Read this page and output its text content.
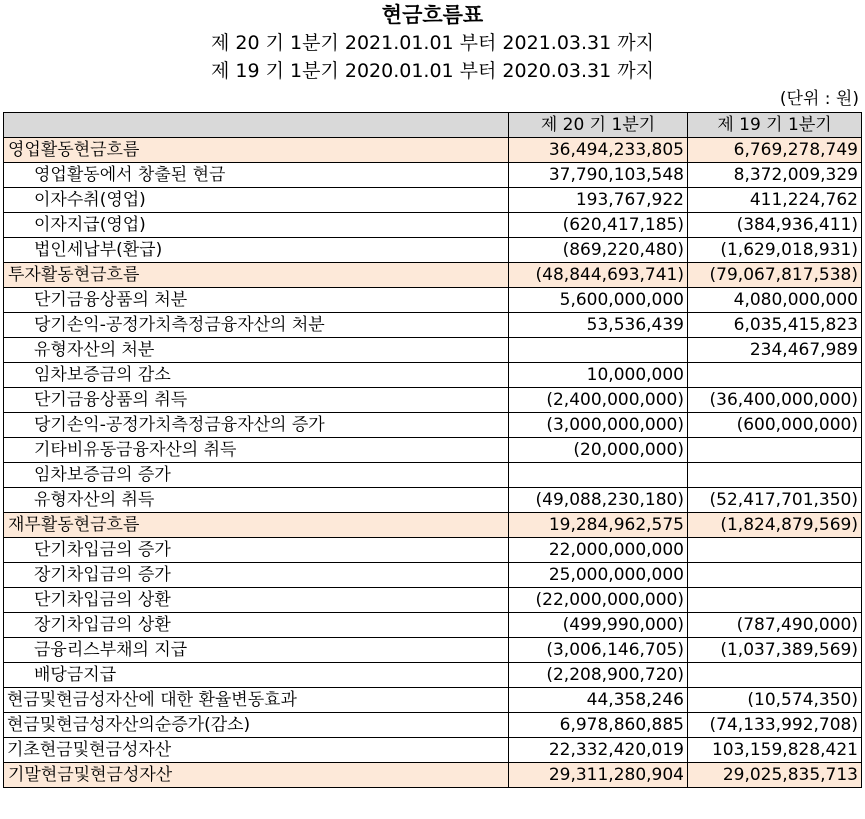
현금흐름표
제 20 기 1분기 2021.01.01 부터 2021.03.31 까지
제 19 기 1분기 2020.01.01 부터 2020.03.31 까지
(단위 : 원)
	제 20 기 1분기	제 19 기 1분기
영업활동현금흐름	36,494,233,805	6,769,278,749
영업활동에서 창출된 현금	37,790,103,548	8,372,009,329
이자수취(영업)	193,767,922	411,224,762
이자지급(영업)	(620,417,185)	(384,936,411)
법인세납부(환급)	(869,220,480)	(1,629,018,931)
투자활동현금흐름	(48,844,693,741)	(79,067,817,538)
단기금융상품의 처분	5,600,000,000	4,080,000,000
당기손익-공정가치측정금융자산의 처분	53,536,439	6,035,415,823
유형자산의 처분		234,467,989
임차보증금의 감소	10,000,000	
단기금융상품의 취득	(2,400,000,000)	(36,400,000,000)
당기손익-공정가치측정금융자산의 증가	(3,000,000,000)	(600,000,000)
기타비유동금융자산의 취득	(20,000,000)	
임차보증금의 증가		
유형자산의 취득	(49,088,230,180)	(52,417,701,350)
재무활동현금흐름	19,284,962,575	(1,824,879,569)
단기차입금의 증가	22,000,000,000	
장기차입금의 증가	25,000,000,000	
단기차입금의 상환	(22,000,000,000)	
장기차입금의 상환	(499,990,000)	(787,490,000)
금융리스부채의 지급	(3,006,146,705)	(1,037,389,569)
배당금지급	(2,208,900,720)	
현금및현금성자산에 대한 환율변동효과	44,358,246	(10,574,350)
현금및현금성자산의순증가(감소)	6,978,860,885	(74,133,992,708)
기초현금및현금성자산	22,332,420,019	103,159,828,421
기말현금및현금성자산	29,311,280,904	29,025,835,713
